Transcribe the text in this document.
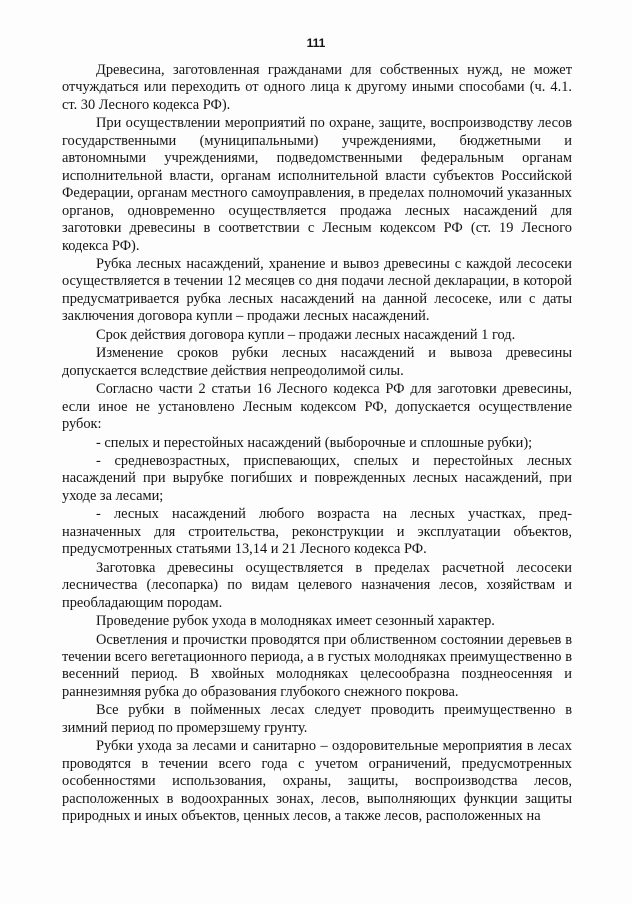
111

Древесина, заготовленная гражданами для собственных нужд, не может отчуждаться или переходить от одного лица к другому иными способами (ч. 4.1. ст. 30 Лесного кодекса РФ).

При осуществлении мероприятий по охране, защите, воспроизводству лесов государственными (муниципальными) учреждениями, бюджетными и автономными учреждениями, подведомственными федеральным органам исполнительной власти, органам исполнительной власти субъектов Российской Федерации, органам местного самоуправления, в пределах полномочий указанных органов, одновременно осуществляется продажа лесных насаждений для заготовки древесины в соответствии с Лесным кодексом РФ (ст. 19 Лесного кодекса РФ).

Рубка лесных насаждений, хранение и вывоз древесины с каждой лесосеки осуществляется в течении 12 месяцев со дня подачи лесной декларации, в которой предусматривается рубка лесных насаждений на данной лесосеке, или с даты заключения договора купли – продажи лесных насаждений.

Срок действия договора купли – продажи лесных насаждений 1 год.

Изменение сроков рубки лесных насаждений и вывоза древесины допускается вследствие действия непреодолимой силы.

Согласно части 2 статьи 16 Лесного кодекса РФ для заготовки древесины, если иное не установлено Лесным кодексом РФ, допускается осуществление рубок:

- спелых и перестойных насаждений (выборочные и сплошные рубки);

- средневозрастных, приспевающих, спелых и перестойных лесных насаждений при вырубке погибших и поврежденных лесных насаждений, при уходе за лесами;

- лесных насаждений любого возраста на лесных участках, пред-назначенных для строительства, реконструкции и эксплуатации объектов, предусмотренных статьями 13,14 и 21 Лесного кодекса РФ.

Заготовка древесины осуществляется в пределах расчетной лесосеки лесничества (лесопарка) по видам целевого назначения лесов, хозяйствам и преобладающим породам.

Проведение рубок ухода в молодняках имеет сезонный характер.

Осветления и прочистки проводятся при облиственном состоянии деревьев в течении всего вегетационного периода, а в густых молодняках преимущественно в весенний период. В хвойных молодняках целесообразна позднеосенняя и раннезимняя рубка до образования глубокого снежного покрова.

Все рубки в пойменных лесах следует проводить преимущественно в зимний период по промерзшему грунту.

Рубки ухода за лесами и санитарно – оздоровительные мероприятия в лесах проводятся в течении всего года с учетом ограничений, предусмотренных особенностями использования, охраны, защиты, воспроизводства лесов, расположенных в водоохранных зонах, лесов, выполняющих функции защиты природных и иных объектов, ценных лесов, а также лесов, расположенных на
